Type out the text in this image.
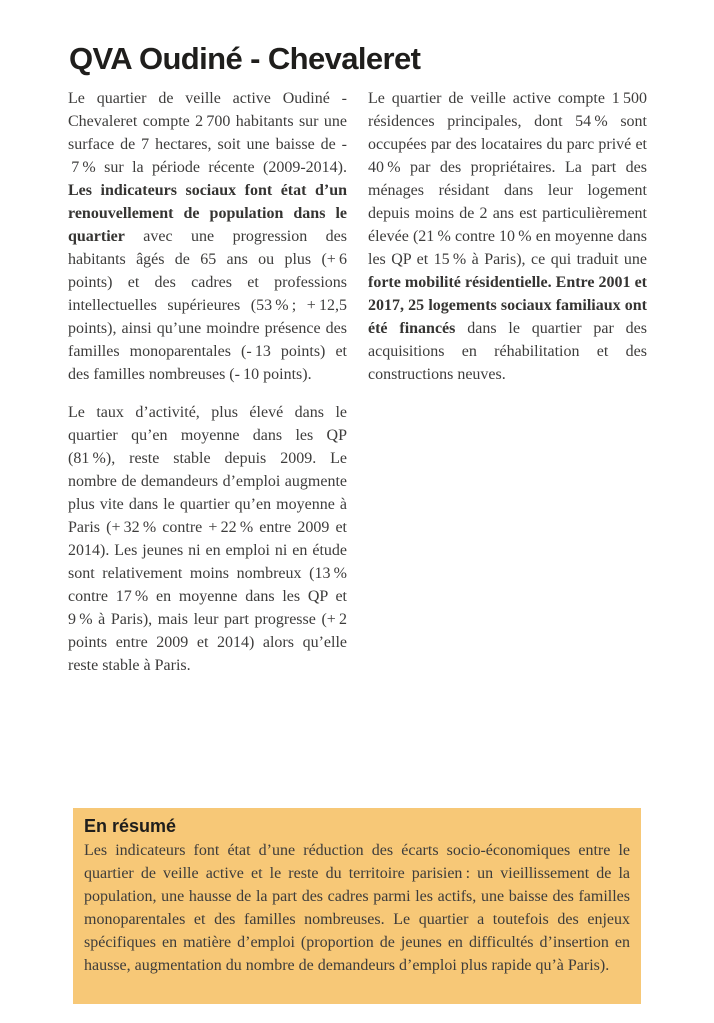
QVA Oudiné - Chevaleret

Le quartier de veille active Oudiné - Chevaleret compte 2 700 habitants sur une surface de 7 hectares, soit une baisse de - 7 % sur la période récente (2009-2014). Les indicateurs sociaux font état d’un renouvellement de population dans le quartier avec une progression des habitants âgés de 65 ans ou plus (+ 6 points) et des cadres et professions intellectuelles supérieures (53 % ; + 12,5 points), ainsi qu’une moindre présence des familles monoparentales (- 13 points) et des familles nombreuses (- 10 points).

Le taux d’activité, plus élevé dans le quartier qu’en moyenne dans les QP (81 %), reste stable depuis 2009. Le nombre de demandeurs d’emploi augmente plus vite dans le quartier qu’en moyenne à Paris (+ 32 % contre + 22 % entre 2009 et 2014). Les jeunes ni en emploi ni en étude sont relativement moins nombreux (13 % contre 17 % en moyenne dans les QP et 9 % à Paris), mais leur part progresse (+ 2 points entre 2009 et 2014) alors qu’elle reste stable à Paris.

Le quartier de veille active compte 1 500 résidences principales, dont 54 % sont occupées par des locataires du parc privé et 40 % par des propriétaires. La part des ménages résidant dans leur logement depuis moins de 2 ans est particulièrement élevée (21 % contre 10 % en moyenne dans les QP et 15 % à Paris), ce qui traduit une forte mobilité résidentielle. Entre 2001 et 2017, 25 logements sociaux familiaux ont été financés dans le quartier par des acquisitions en réhabilitation et des constructions neuves.

En résumé

Les indicateurs font état d’une réduction des écarts socio-économiques entre le quartier de veille active et le reste du territoire parisien : un vieillissement de la population, une hausse de la part des cadres parmi les actifs, une baisse des familles monoparentales et des familles nombreuses. Le quartier a toutefois des enjeux spécifiques en matière d’emploi (proportion de jeunes en difficultés d’insertion en hausse, augmentation du nombre de demandeurs d’emploi plus rapide qu’à Paris).
